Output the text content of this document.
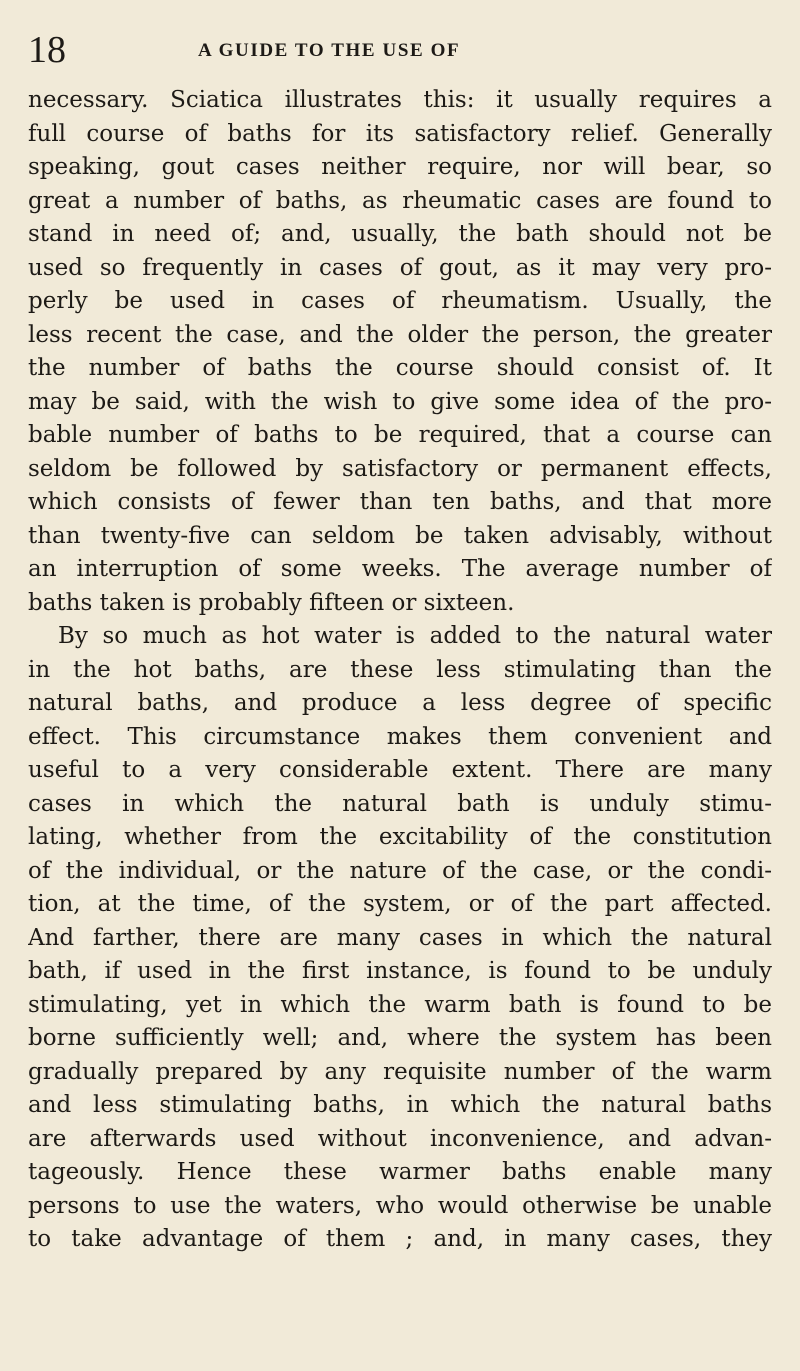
18	A GUIDE TO THE USE OF
necessary. Sciatica illustrates this: it usually requires a
full course of baths for its satisfactory relief. Generally
speaking, gout cases neither require, nor will bear, so
great a number of baths, as rheumatic cases are found to
stand in need of; and, usually, the bath should not be
used so frequently in cases of gout, as it may very pro-
perly be used in cases of rheumatism. Usually, the
less recent the case, and the older the person, the greater
the number of baths the course should consist of. It
may be said, with the wish to give some idea of the pro-
bable number of baths to be required, that a course can
seldom be followed by satisfactory or permanent effects,
which consists of fewer than ten baths, and that more
than twenty-five can seldom be taken advisably, without
an interruption of some weeks. The average number of
baths taken is probably fifteen or sixteen.
By so much as hot water is added to the natural water
in the hot baths, are these less stimulating than the
natural baths, and produce a less degree of specific
effect. This circumstance makes them convenient and
useful to a very considerable extent. There are many
cases in which the natural bath is unduly stimu-
lating, whether from the excitability of the constitution
of the individual, or the nature of the case, or the condi-
tion, at the time, of the system, or of the part affected.
And farther, there are many cases in which the natural
bath, if used in the first instance, is found to be unduly
stimulating, yet in which the warm bath is found to be
borne sufficiently well; and, where the system has been
gradually prepared by any requisite number of the warm
and less stimulating baths, in which the natural baths
are afterwards used without inconvenience, and advan-
tageously. Hence these warmer baths enable many
persons to use the waters, who would otherwise be unable
to take advantage of them ; and, in many cases, they
